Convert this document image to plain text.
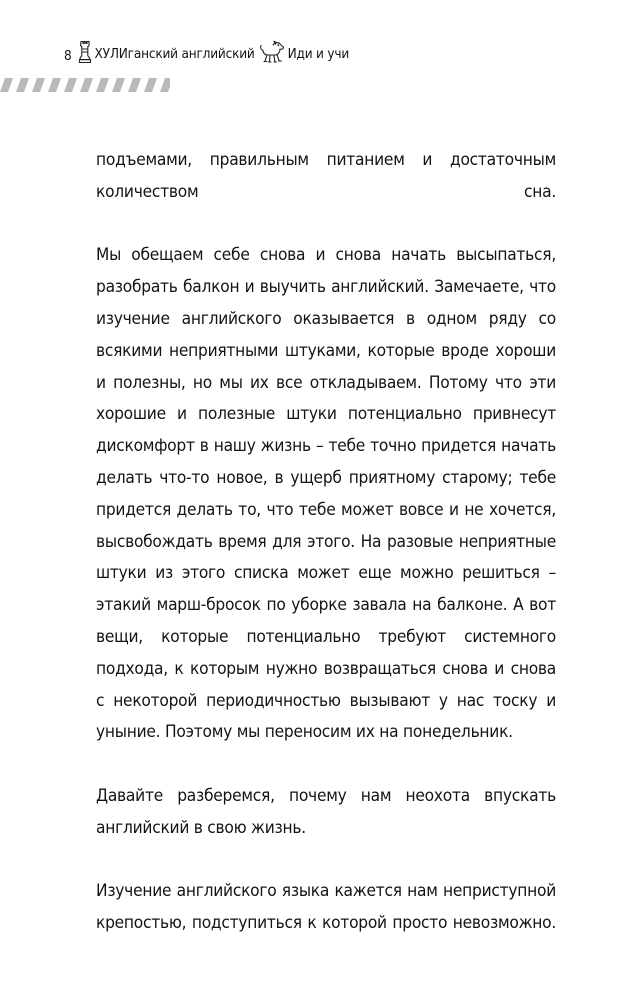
8 ХУЛИганский английский Иди и учи

подъемами, правильным питанием и достаточным количеством сна.

Мы обещаем себе снова и снова начать высыпаться, разобрать балкон и выучить английский. Замечаете, что изучение английского оказывается в одном ряду со всякими неприятными штуками, которые вроде хороши и полезны, но мы их все откладываем. Потому что эти хорошие и полезные штуки потенциально привнесут дискомфорт в нашу жизнь – тебе точно придется начать делать что-то новое, в ущерб приятному старому; тебе придется делать то, что тебе может вовсе и не хочется, высвобождать время для этого. На разовые неприятные штуки из этого списка может еще можно решиться – этакий марш-бросок по уборке завала на балконе. А вот вещи, которые потенциально требуют системного подхода, к которым нужно возвращаться снова и снова с некоторой периодичностью вызывают у нас тоску и уныние. Поэтому мы переносим их на понедельник.

Давайте разберемся, почему нам неохота впускать английский в свою жизнь.

Изучение английского языка кажется нам неприступной крепостью, подступиться к которой просто невозможно.
